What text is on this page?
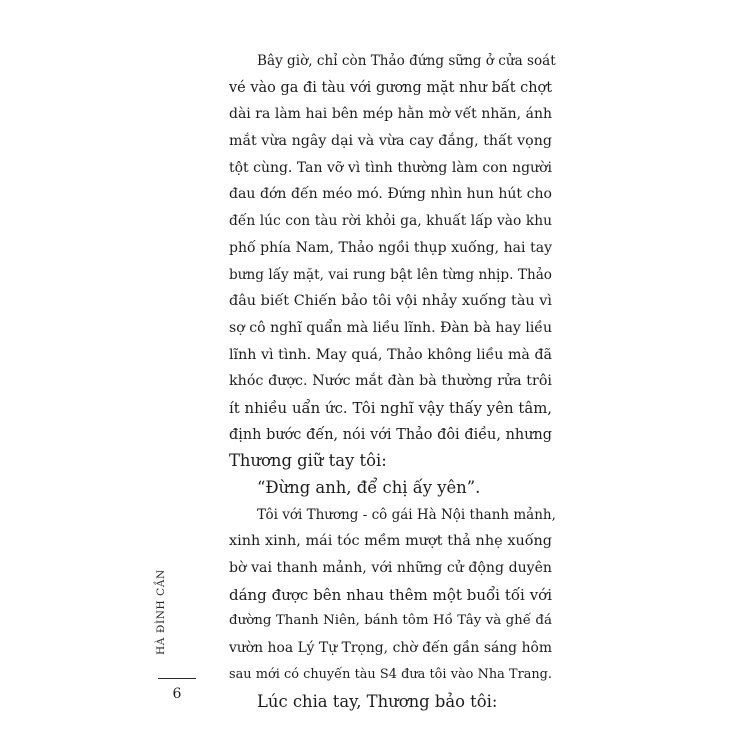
Bây giờ, chỉ còn Thảo đứng sững ở cửa soát
vé vào ga đi tàu với gương mặt như bất chợt
dài ra làm hai bên mép hằn mờ vết nhăn, ánh
mắt vừa ngây dại và vừa cay đắng, thất vọng
tột cùng. Tan vỡ vì tình thường làm con người
đau đớn đến méo mó. Đứng nhìn hun hút cho
đến lúc con tàu rời khỏi ga, khuất lấp vào khu
phố phía Nam, Thảo ngồi thụp xuống, hai tay
bưng lấy mặt, vai rung bật lên từng nhịp. Thảo
đâu biết Chiến bảo tôi vội nhảy xuống tàu vì
sợ cô nghĩ quẩn mà liều lĩnh. Đàn bà hay liều
lĩnh vì tình. May quá, Thảo không liều mà đã
khóc được. Nước mắt đàn bà thường rửa trôi
ít nhiều uẩn ức. Tôi nghĩ vậy thấy yên tâm,
định bước đến, nói với Thảo đôi điều, nhưng
Thương giữ tay tôi:
“Đừng anh, để chị ấy yên”.
Tôi với Thương - cô gái Hà Nội thanh mảnh,
xinh xinh, mái tóc mềm mượt thả nhẹ xuống
bờ vai thanh mảnh, với những cử động duyên
dáng được bên nhau thêm một buổi tối với
đường Thanh Niên, bánh tôm Hồ Tây và ghế đá
vườn hoa Lý Tự Trọng, chờ đến gần sáng hôm
sau mới có chuyến tàu S4 đưa tôi vào Nha Trang.
Lúc chia tay, Thương bảo tôi:
HÀ ĐÌNH CẦN
6
